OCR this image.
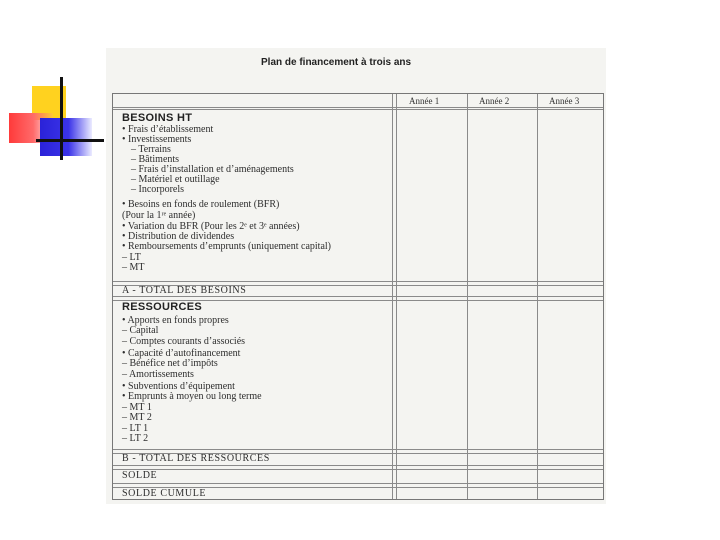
Plan de financement à trois ans
Année 1	Année 2	Année 3
BESOINS HT
• Frais d’établissement
• Investissements
– Terrains
– Bâtiments
– Frais d’installation et d’aménagements
– Matériel et outillage
– Incorporels
• Besoins en fonds de roulement (BFR)
(Pour la 1ʳᵉ année)
• Variation du BFR (Pour les 2ᵉ et 3ᵉ années)
• Distribution de dividendes
• Remboursements d’emprunts (uniquement capital)
– LT
– MT
A - TOTAL DES BESOINS
RESSOURCES
• Apports en fonds propres
– Capital
– Comptes courants d’associés
• Capacité d’autofinancement
– Bénéfice net d’impôts
– Amortissements
• Subventions d’équipement
• Emprunts à moyen ou long terme
– MT 1
– MT 2
– LT 1
– LT 2
B - TOTAL DES RESSOURCES
SOLDE
SOLDE CUMULE
